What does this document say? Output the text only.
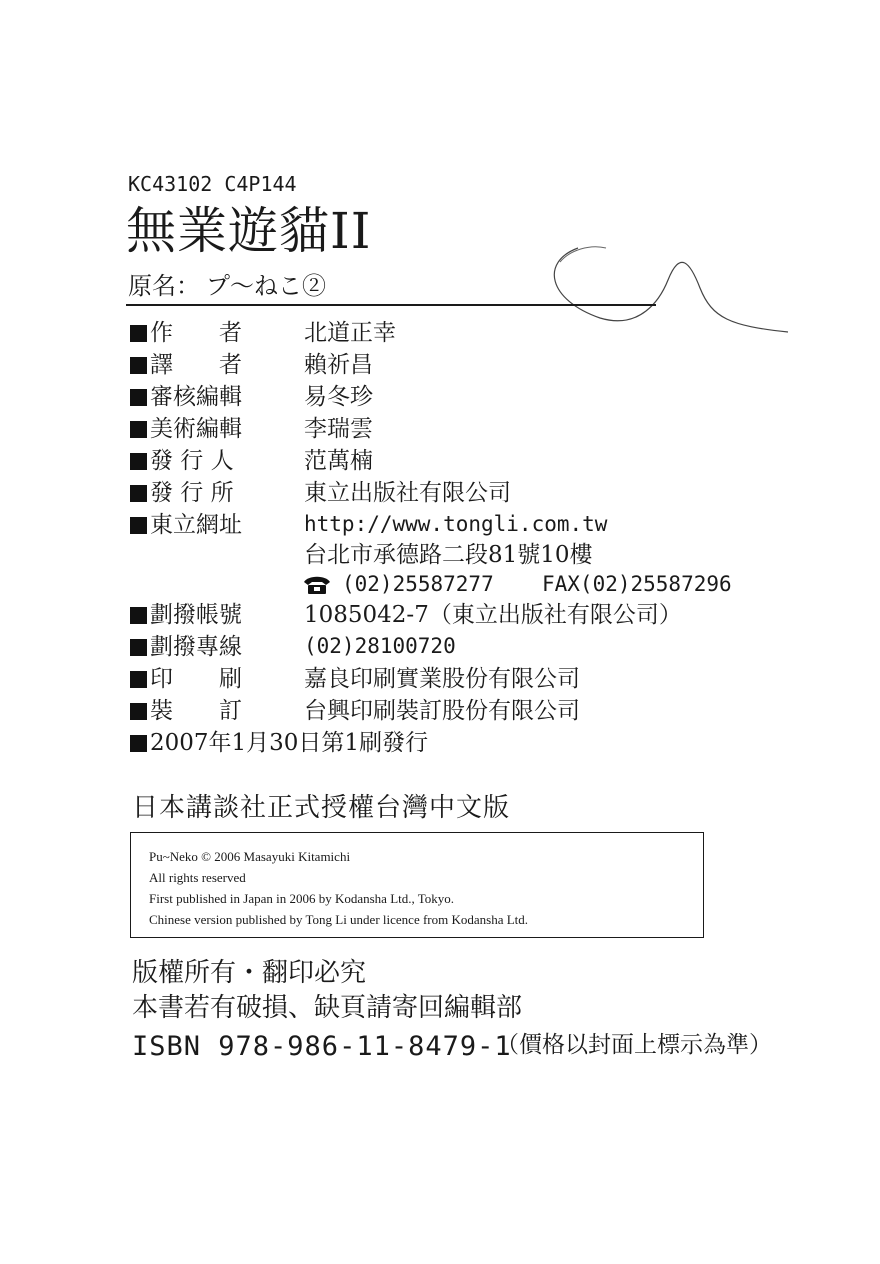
KC43102 C4P144
無業遊貓II
原名： プ～ねこ②
作　　者	北道正幸
譯　　者	賴祈昌
審核編輯	易冬珍
美術編輯	李瑞雲
發 行 人	范萬楠
發 行 所	東立出版社有限公司
東立網址	http://www.tongli.com.tw
台北市承德路二段81號10樓
(02)25587277 FAX(02)25587296
劃撥帳號	1085042-7（東立出版社有限公司）
劃撥專線	(02)28100720
印　　刷	嘉良印刷實業股份有限公司
裝　　訂	台興印刷裝訂股份有限公司
2007年1月30日第1刷發行
日本講談社正式授權台灣中文版
Pu~Neko © 2006 Masayuki Kitamichi
All rights reserved
First published in Japan in 2006 by Kodansha Ltd., Tokyo.
Chinese version published by Tong Li under licence from Kodansha Ltd.
版權所有・翻印必究
本書若有破損、缺頁請寄回編輯部
ISBN 978-986-11-8479-1
（價格以封面上標示為準）
